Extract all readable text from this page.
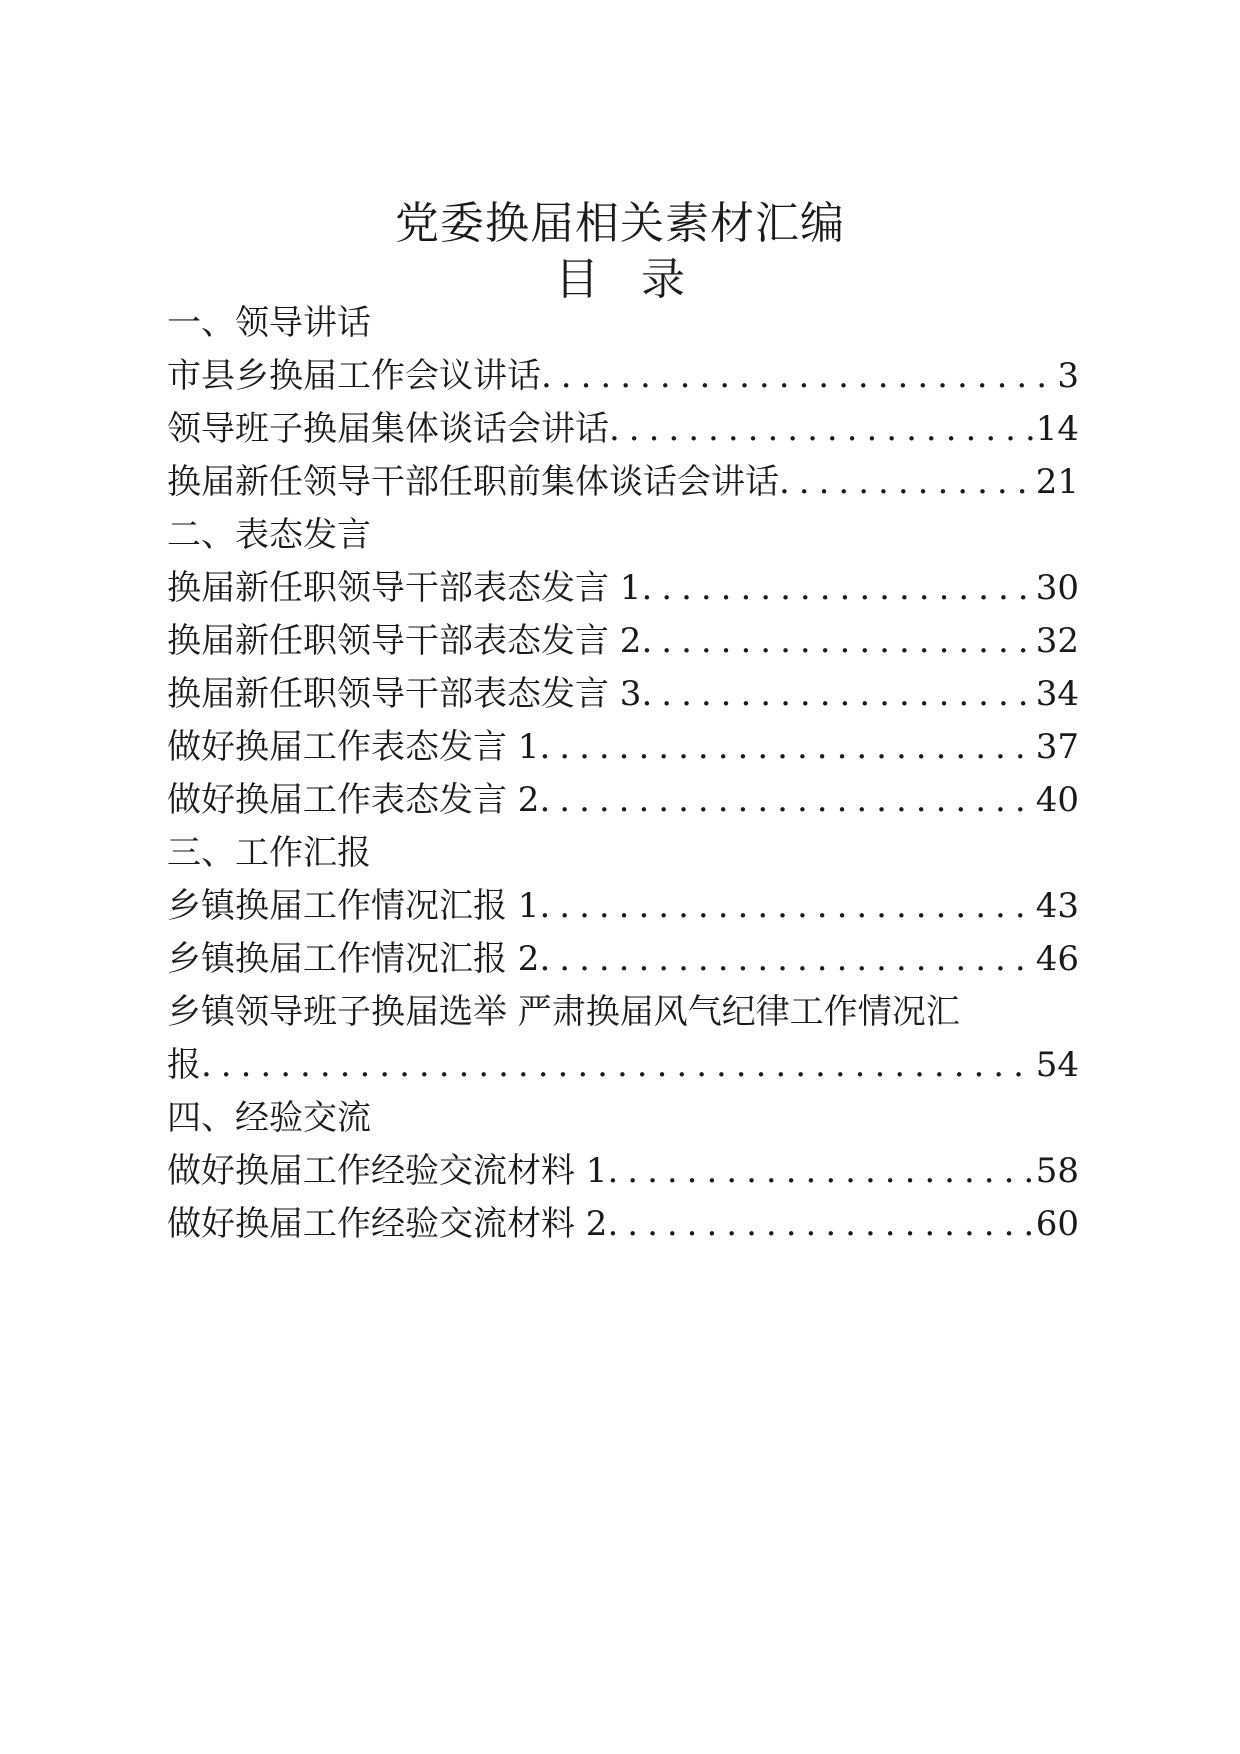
党委换届相关素材汇编
目 录
一、领导讲话
市县乡换届工作会议讲话 .....	3
领导班子换届集体谈话会讲话 .....	14
换届新任领导干部任职前集体谈话会讲话 .....	21
二、表态发言
换届新任职领导干部表态发言 1 .....	30
换届新任职领导干部表态发言 2 .....	32
换届新任职领导干部表态发言 3 .....	34
做好换届工作表态发言 1 .....	37
做好换届工作表态发言 2 .....	40
三、工作汇报
乡镇换届工作情况汇报 1 .....	43
乡镇换届工作情况汇报 2 .....	46
乡镇领导班子换届选举 严肃换届风气纪律工作情况汇
报 .....	54
四、经验交流
做好换届工作经验交流材料 1 .....	58
做好换届工作经验交流材料 2 .....	60
